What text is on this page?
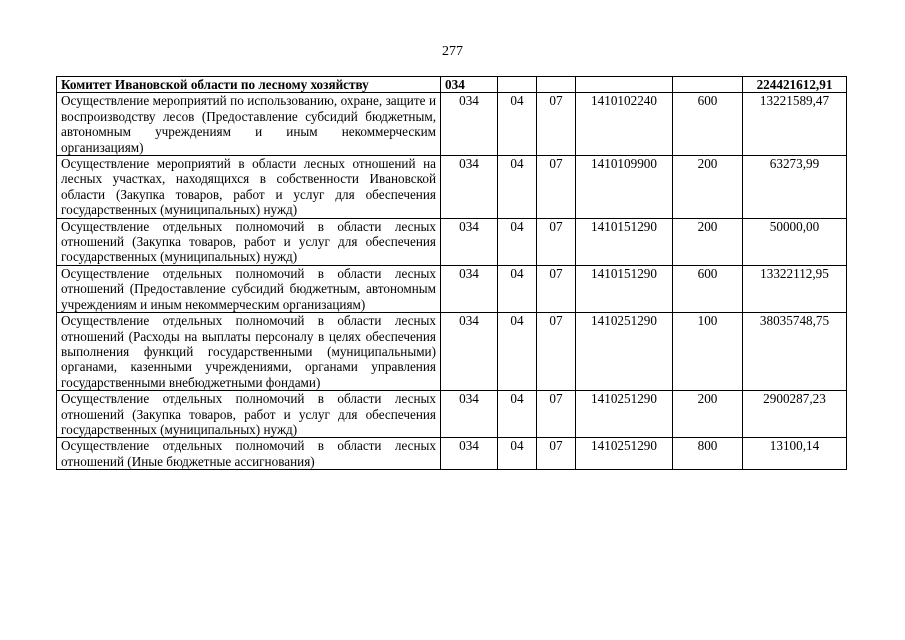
277
Комитет Ивановской области по лесному хозяйству	034					224421612,91
Осуществление мероприятий по использованию, охране, защите и воспроизводству лесов (Предоставление субсидий бюджетным, автономным учреждениям и иным некоммерческим организациям)	034	04	07	1410102240	600	13221589,47
Осуществление мероприятий в области лесных отношений на лесных участках, находящихся в собственности Ивановской области (Закупка товаров, работ и услуг для обеспечения государственных (муниципальных) нужд)	034	04	07	1410109900	200	63273,99
Осуществление отдельных полномочий в области лесных отношений (Закупка товаров, работ и услуг для обеспечения государственных (муниципальных) нужд)	034	04	07	1410151290	200	50000,00
Осуществление отдельных полномочий в области лесных отношений (Предоставление субсидий бюджетным, автономным учреждениям и иным некоммерческим организациям)	034	04	07	1410151290	600	13322112,95
Осуществление отдельных полномочий в области лесных отношений (Расходы на выплаты персоналу в целях обеспечения выполнения функций государственными (муниципальными) органами, казенными учреждениями, органами управления государственными внебюджетными фондами)	034	04	07	1410251290	100	38035748,75
Осуществление отдельных полномочий в области лесных отношений (Закупка товаров, работ и услуг для обеспечения государственных (муниципальных) нужд)	034	04	07	1410251290	200	2900287,23
Осуществление отдельных полномочий в области лесных отношений (Иные бюджетные ассигнования)	034	04	07	1410251290	800	13100,14
